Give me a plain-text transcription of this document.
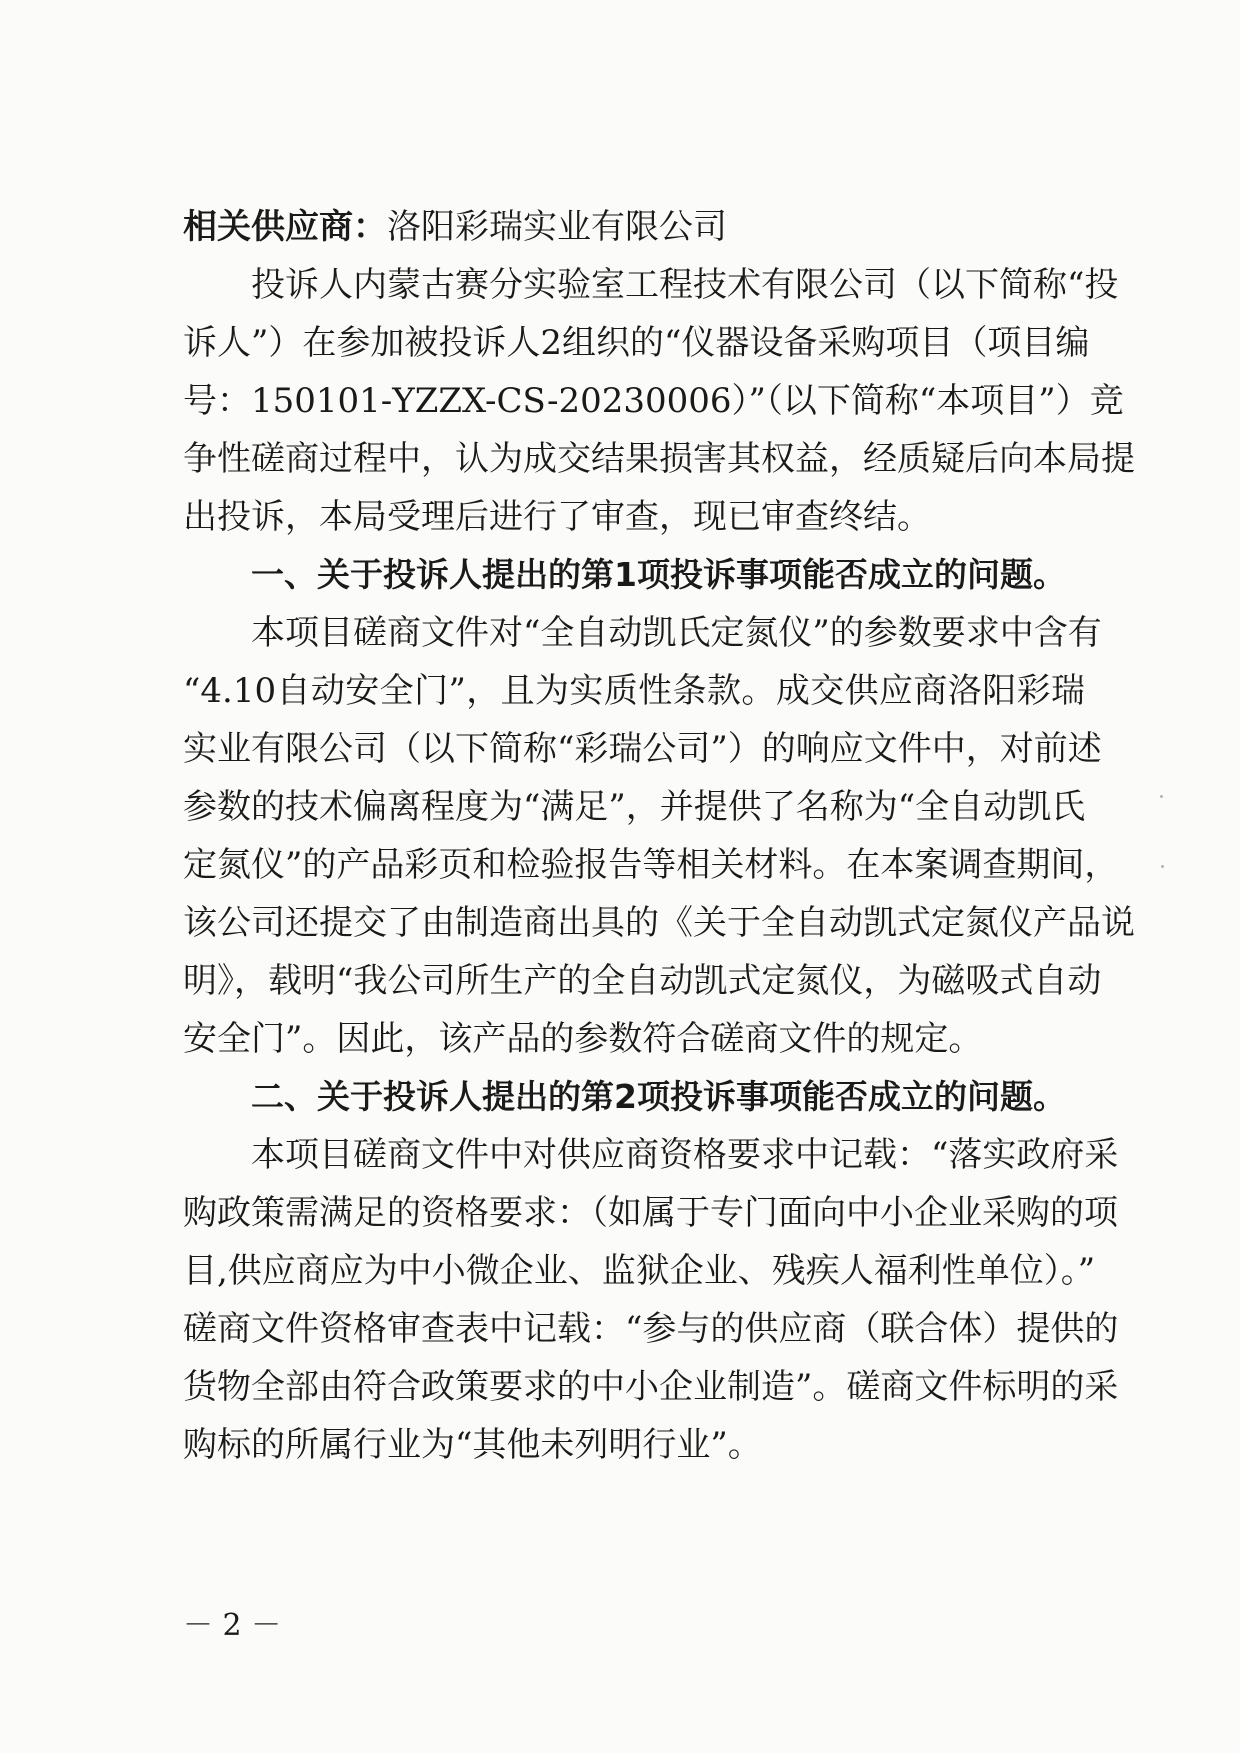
相关供应商：洛阳彩瑞实业有限公司

投诉人内蒙古赛分实验室工程技术有限公司（以下简称“投

诉人”）在参加被投诉人2组织的“仪器设备采购项目（项目编

号：150101-YZZX-CS-20230006）”（以下简称“本项目”）竞

争性磋商过程中，认为成交结果损害其权益，经质疑后向本局提

出投诉，本局受理后进行了审查，现已审查终结。

一、关于投诉人提出的第1项投诉事项能否成立的问题。

本项目磋商文件对“全自动凯氏定氮仪”的参数要求中含有

“4.10自动安全门”，且为实质性条款。成交供应商洛阳彩瑞

实业有限公司（以下简称“彩瑞公司”）的响应文件中，对前述

参数的技术偏离程度为“满足”，并提供了名称为“全自动凯氏

定氮仪”的产品彩页和检验报告等相关材料。在本案调查期间，

该公司还提交了由制造商出具的《关于全自动凯式定氮仪产品说

明》，载明“我公司所生产的全自动凯式定氮仪，为磁吸式自动

安全门”。因此，该产品的参数符合磋商文件的规定。

二、关于投诉人提出的第2项投诉事项能否成立的问题。

本项目磋商文件中对供应商资格要求中记载：“落实政府采

购政策需满足的资格要求：（如属于专门面向中小企业采购的项

目,供应商应为中小微企业、监狱企业、残疾人福利性单位）。”

磋商文件资格审查表中记载：“参与的供应商（联合体）提供的

货物全部由符合政策要求的中小企业制造”。磋商文件标明的采

购标的所属行业为“其他未列明行业”。

－ 2 －
